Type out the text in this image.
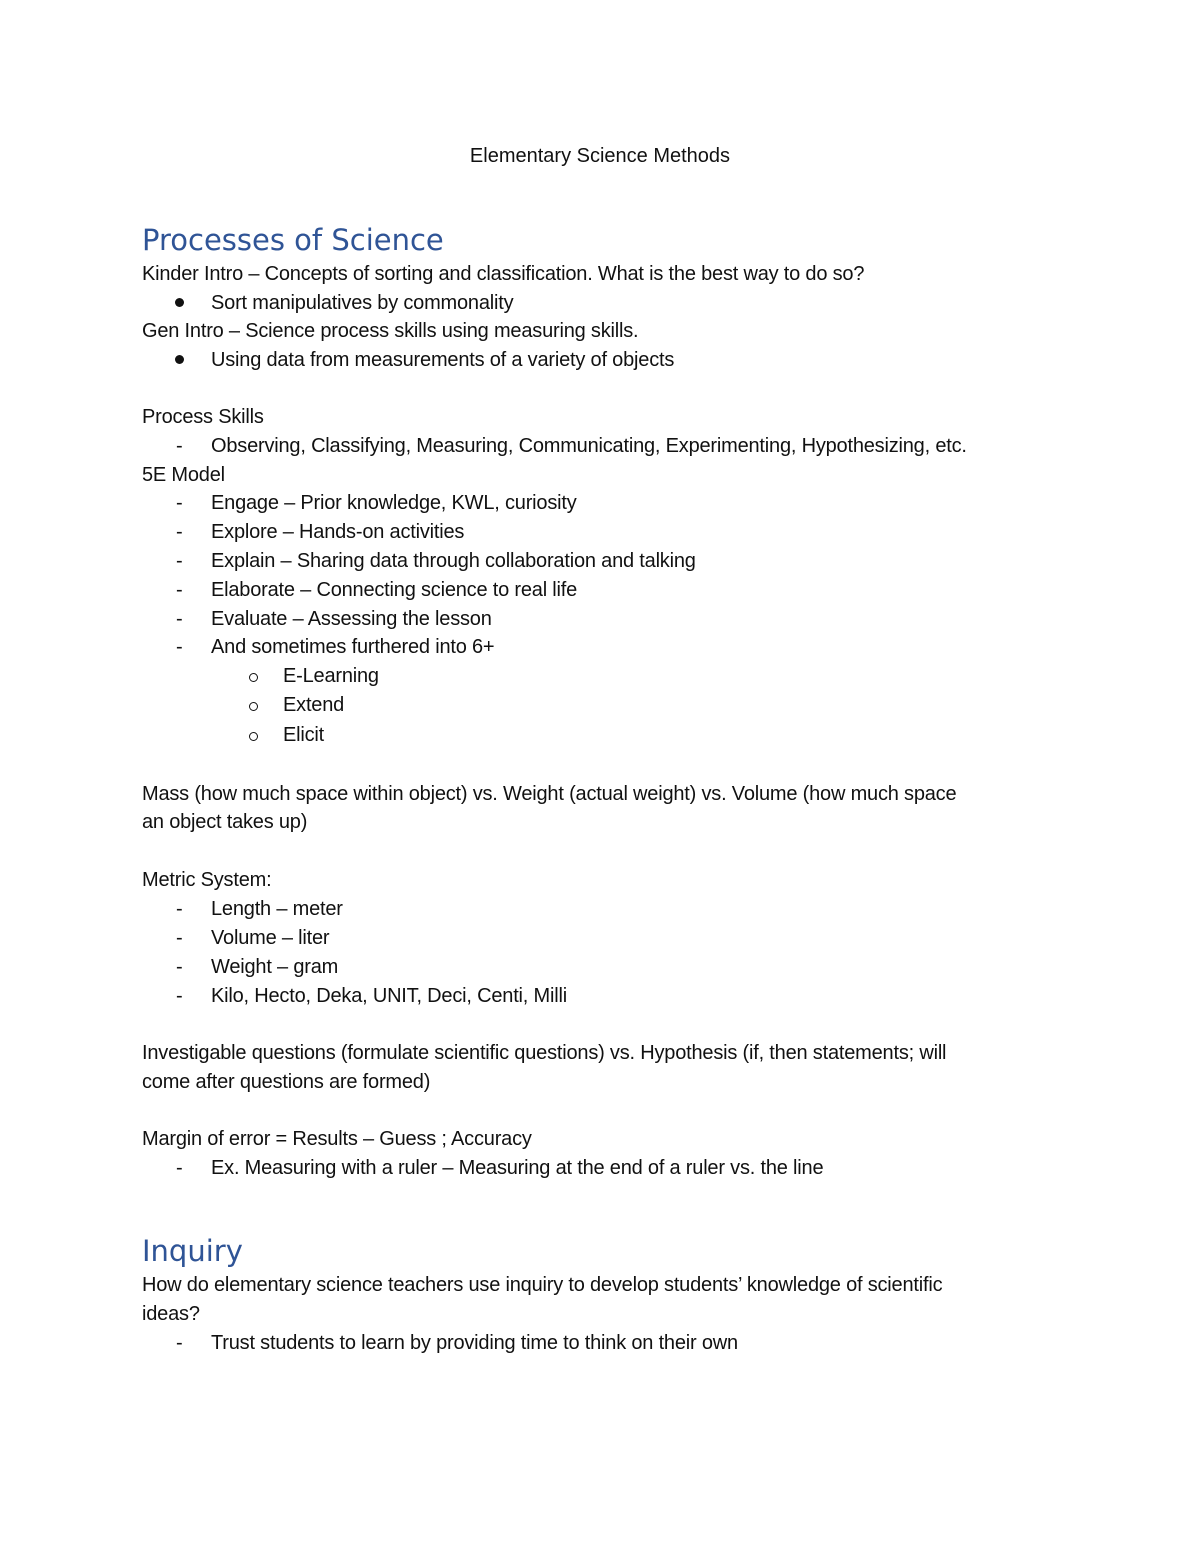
Elementary Science Methods
Processes of Science
Kinder Intro – Concepts of sorting and classification. What is the best way to do so?
Sort manipulatives by commonality
Gen Intro – Science process skills using measuring skills.
Using data from measurements of a variety of objects
Process Skills
- Observing, Classifying, Measuring, Communicating, Experimenting, Hypothesizing, etc.
5E Model
- Engage – Prior knowledge, KWL, curiosity
- Explore – Hands-on activities
- Explain – Sharing data through collaboration and talking
- Elaborate – Connecting science to real life
- Evaluate – Assessing the lesson
- And sometimes furthered into 6+
E-Learning
Extend
Elicit
Mass (how much space within object) vs. Weight (actual weight) vs. Volume (how much space
an object takes up)
Metric System:
- Length – meter
- Volume – liter
- Weight – gram
- Kilo, Hecto, Deka, UNIT, Deci, Centi, Milli
Investigable questions (formulate scientific questions) vs. Hypothesis (if, then statements; will
come after questions are formed)
Margin of error = Results – Guess ; Accuracy
- Ex. Measuring with a ruler – Measuring at the end of a ruler vs. the line
Inquiry
How do elementary science teachers use inquiry to develop students’ knowledge of scientific
ideas?
- Trust students to learn by providing time to think on their own
